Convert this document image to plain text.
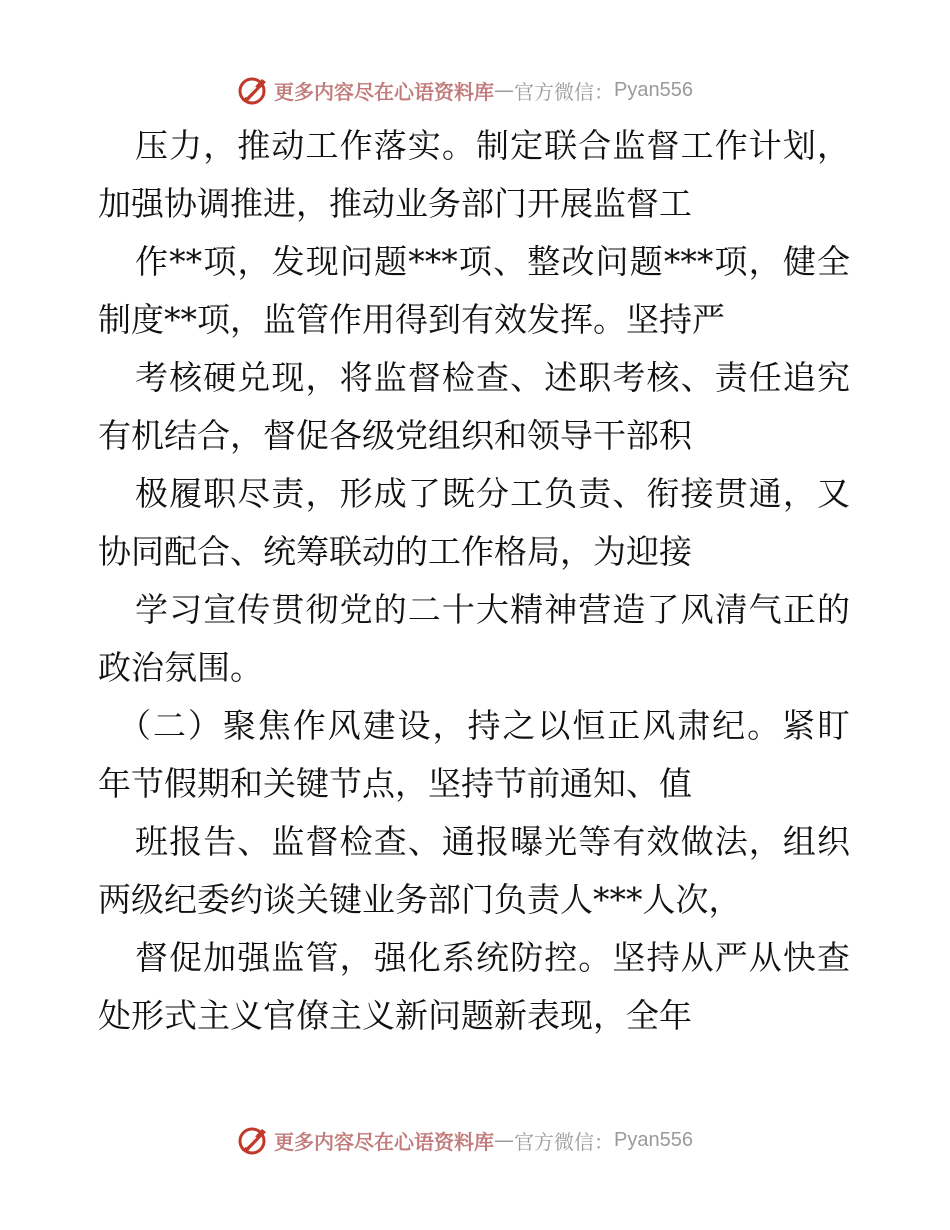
更多内容尽在心语资料库 — 官方微信： Pyan556
压力，推动工作落实。制定联合监督工作计划，
加强协调推进，推动业务部门开展监督工
作**项，发现问题***项、整改问题***项，健全
制度**项，监管作用得到有效发挥。坚持严
考核硬兑现，将监督检查、述职考核、责任追究
有机结合，督促各级党组织和领导干部积
极履职尽责，形成了既分工负责、衔接贯通，又
协同配合、统筹联动的工作格局，为迎接
学习宣传贯彻党的二十大精神营造了风清气正的
政治氛围。
（二）聚焦作风建设，持之以恒正风肃纪。紧盯
年节假期和关键节点，坚持节前通知、值
班报告、监督检查、通报曝光等有效做法，组织
两级纪委约谈关键业务部门负责人***人次，
督促加强监管，强化系统防控。坚持从严从快查
处形式主义官僚主义新问题新表现，全年
更多内容尽在心语资料库 — 官方微信： Pyan556
